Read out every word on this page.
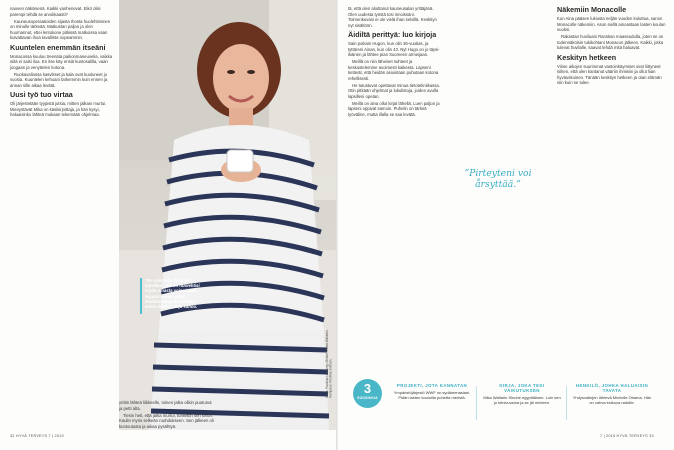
naoven näköisenä. Kaikki vanhenevat. Eikö olisi parempi tehdä se arvokkaasti?

Kauneusoperaatioiden sijasta Ihosta huolehtiminen on minulle tärkeää. Matkustan paljon ja olen huomannut, ettei lentokone pitkissä matkoissa vaan kuivattavan ihoa tavallista nopeammin.

Kuuntelen enemmän itseäni

Monacossa kuuluu treenata paikonmaneuvelia, vaikka siitä ei saisi iloa. En itse käy ensiä kuntosalilla, vaan joogaan ja venyttelen kotona.

Ruokavaliossa kasvikset ja kala ovat kuuluneet jo vuosia. Kuuntelen kehoani tarkemmin kuin ennen ja annan sille aikaa levätä.

Uusi työ tuo virtaa

Oli järjestetään tyypistä jutsia, mitten jalkani murtui. Mievystävät Mika on käsikirjoittaja, ja hän kysyi, haluaisinko lähteä mukaan tekemään ohjelmaa.

”En voisi olla hyvä äiti lapsilleni, jos en huolehtisi myös omasta voinnistani. Hyppimoment pitää lentokoneessakin laittaa ensin itselle”, Erja sanoo.
Kuva: Pauliina Lindberg. Meikki: Minna Mäkitalo. Kampaus: Kristiina Jokinen.

yrittin lähteä liikkeelle, toinen jalka olikin puutunut ja petti alta.

Tiesin heti, että jalka murtui, tunnistin sen kivun. Kaulin myös selkeän ruuhdukseen. Sen jälkeen oli kuntoutusta ja aikaa pysähtyä.

32 HYVÄ TERVEYS 7 | 2019

tä, että olen aloittanut kauneusalan yrittäjänä. Olen uudesta työstä tosi innoissani. Toimenkuvani ei ole vielä ihan selvillä. Keskityn nyt sisältöön.

Äidiltä perittyä: luo kirjoja

Sain poikani Hugon, kun olin 36-vuotias, ja tyttäreni Ainan, kun olin 43. Nyt Hugo on jo täysi-ikäinen ja lähtee pian Suomeen armeijaan.

Meillä on niin läheiset suhteet ja keskustelemme avoimesti kaikesta. Lapseni tietävät, että heidän asioistaan puhutaan kotona rehellisesti.

He tutustuvat opettavat minua tietotekniikassa. Otin pitkään ohjelmat ja lukulistoja, joiden avulla lapsilleni opetan.

Meillä on aina ollut kirjat lähellä. Luen paljon ja lapseni oppivat samoin. Puhelin on tärkeä työväline, mutta illalla se saa levätä.

”Pirteyteni voi årsyttää.”
Näkemiin Monacolle

Kun Aina pääsee lukiosta neljän vuoden kuluttua, sanon Monacolle näkemiin. Asun siellä ainoastaan lasten koulun vuoksi.

Rakastan huviluani Ranskan maaseudulla, joten se on todennäköisin tukikohtani Monacon jälkeen. Kaikki, jotka tulevat huvilalle, saavat tehdä mitä haluavat.

Keskityn hetkeen

Viime aikojen suurimmat vastoinkäymiset ovat liittyneet siihen, että olen kantanut vääriin ihmisiin ja ollut liian hyväuskoinen. Tänään keskityn hetkeen ja otan elämän niin kuin se tulee.

3
SUOSIKKIA
PROJEKTI, JOTA KANNATAN
Ympäristöjärjestö WWF on sydämenasiani. Pidän lasten kouluilla puhetta meristä.
KIRJA, JOKA TEKI VAIKUTUKSEN
Mika Waltarin Sinuhe egyptiläinen. Luin sen jo teinivuosina ja se jäi mieleen.
HENKILÖ, JOHKA HALUAISIN TAVATA
Yhdysvaltojen lähtevä Michelle Obama. Hän on vahva esikuva naisille.
7 | 2019 HYVÄ TERVEYS 33
